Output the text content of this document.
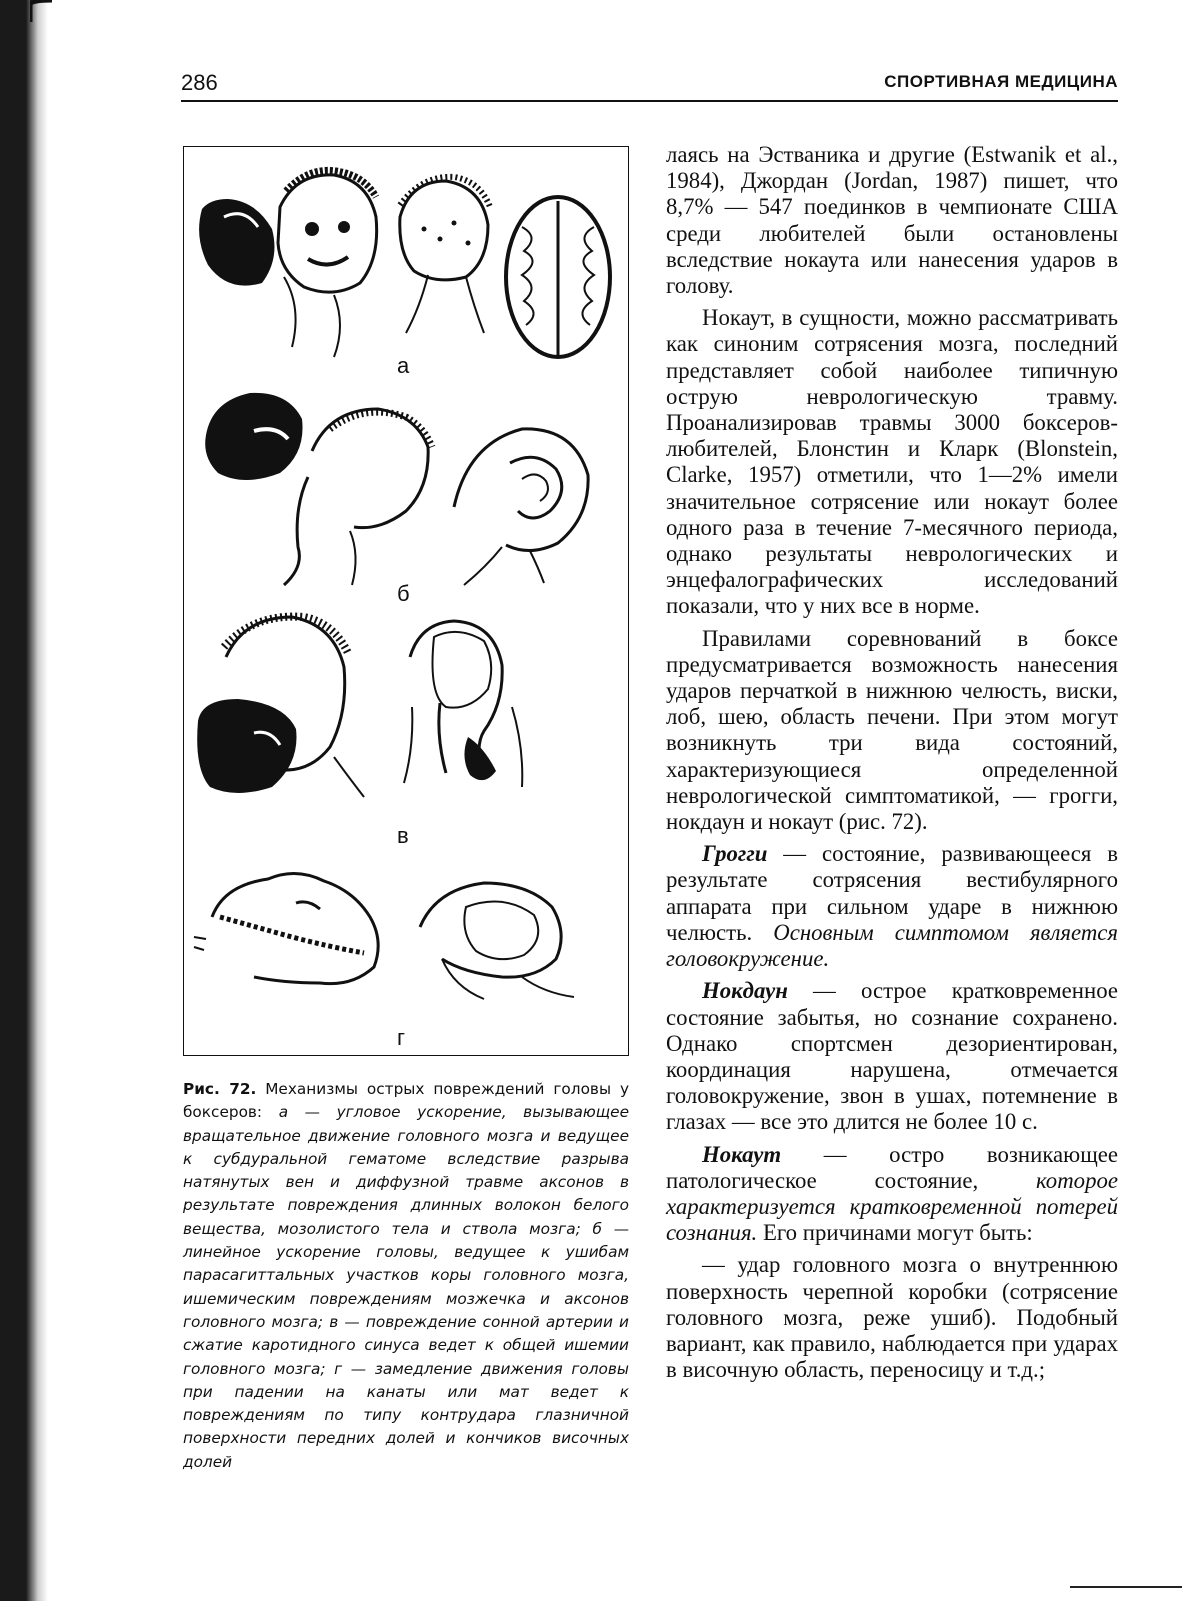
286	СПОРТИВНАЯ МЕДИЦИНА
а
б
в
г
Рис. 72. Механизмы острых повреждений головы у боксеров: а — угловое ускорение, вызывающее вращательное движение головного мозга и ведущее к субдуральной гематоме вследствие разрыва натянутых вен и диффузной травме аксонов в результате повреждения длинных волокон белого вещества, мозолистого тела и ствола мозга; б — линейное ускорение головы, ведущее к ушибам парасагиттальных участков коры головного мозга, ишемическим повреждениям мозжечка и аксонов головного мозга; в — повреждение сонной артерии и сжатие каротидного синуса ведет к общей ишемии головного мозга; г — замедление движения головы при падении на канаты или мат ведет к повреждениям по типу контрудара глазничной поверхности передних долей и кончиков височных долей

лаясь на Эстваника и другие (Estwanik et al., 1984), Джордан (Jordan, 1987) пишет, что 8,7% — 547 поединков в чемпионате США среди любителей были остановлены вследствие нокаута или нанесения ударов в голову.

Нокаут, в сущности, можно рассматривать как синоним сотрясения мозга, последний представляет собой наиболее типичную острую неврологическую травму. Проанализировав травмы 3000 боксеров-любителей, Блонстин и Кларк (Blonstein, Clarke, 1957) отметили, что 1—2% имели значительное сотрясение или нокаут более одного раза в течение 7-месячного периода, однако результаты неврологических и энцефалографических исследований показали, что у них все в норме.

Правилами соревнований в боксе предусматривается возможность нанесения ударов перчаткой в нижнюю челюсть, виски, лоб, шею, область печени. При этом могут возникнуть три вида состояний, характеризующиеся определенной неврологической симптоматикой, — грогги, нокдаун и нокаут (рис. 72).

Грогги — состояние, развивающееся в результате сотрясения вестибулярного аппарата при сильном ударе в нижнюю челюсть. Основным симптомом является головокружение.

Нокдаун — острое кратковременное состояние забытья, но сознание сохранено. Однако спортсмен дезориентирован, координация нарушена, отмечается головокружение, звон в ушах, потемнение в глазах — все это длится не более 10 с.

Нокаут — остро возникающее патологическое состояние, которое характеризуется кратковременной потерей сознания. Его причинами могут быть:

— удар головного мозга о внутреннюю поверхность черепной коробки (сотрясение головного мозга, реже ушиб). Подобный вариант, как правило, наблюдается при ударах в височную область, переносицу и т.д.;
